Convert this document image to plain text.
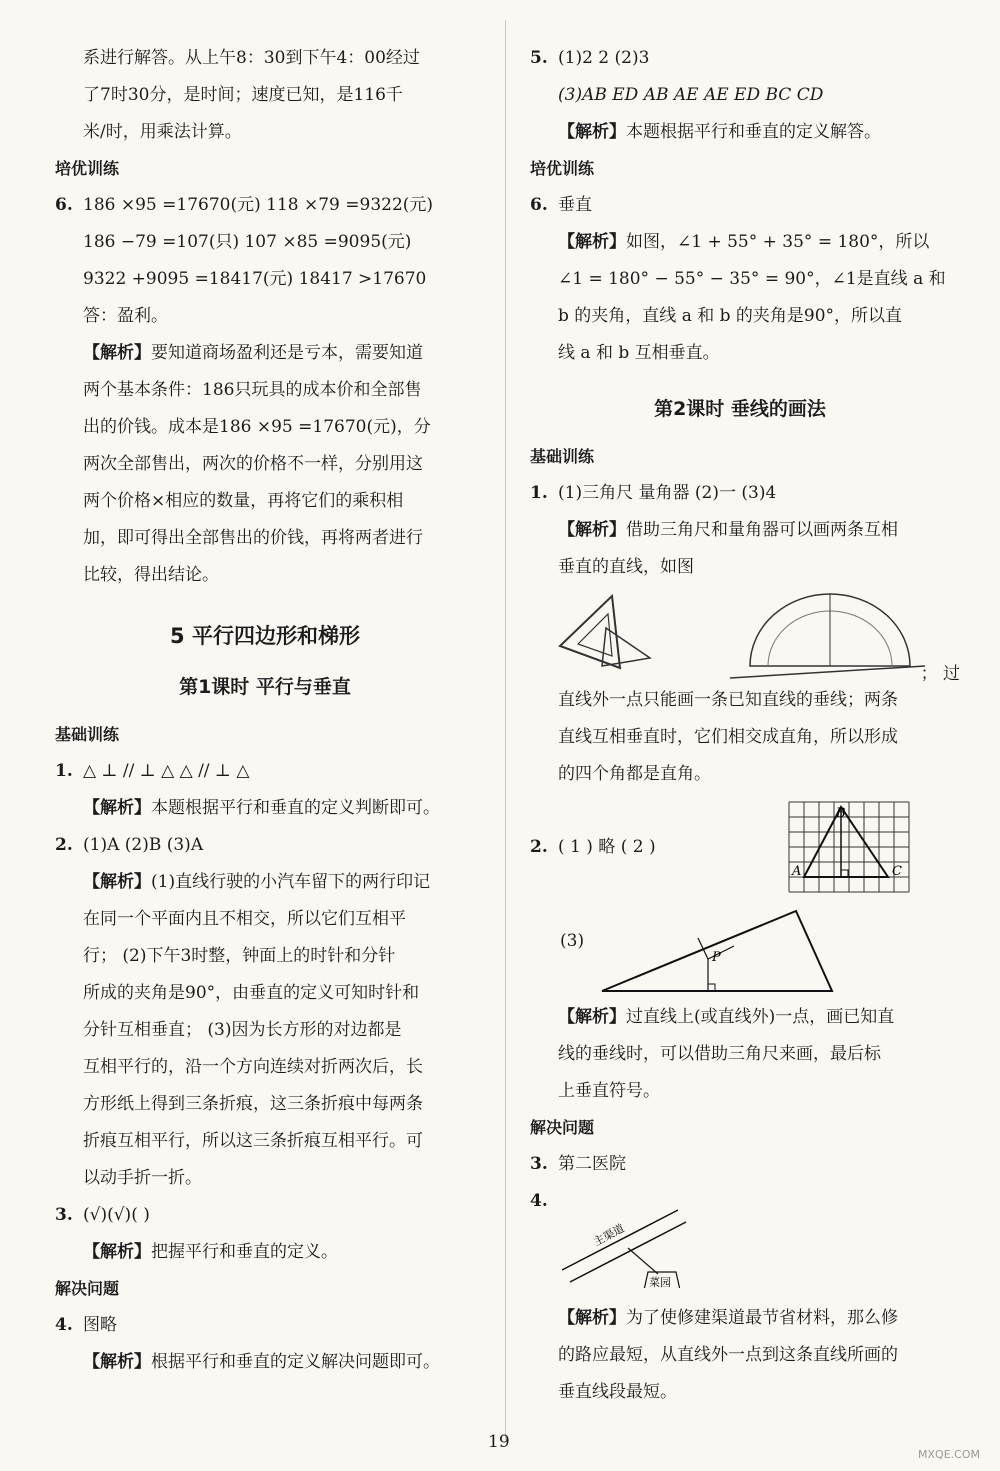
系进行解答。从上午8：30到下午4：00经过
了7时30分，是时间；速度已知，是116千
米/时，用乘法计算。
培优训练
6. 186 ×95 =17670(元) 118 ×79 =9322(元)
186 −79 =107(只) 107 ×85 =9095(元)
9322 +9095 =18417(元) 18417 >17670
答：盈利。
【解析】要知道商场盈利还是亏本，需要知道
两个基本条件：186只玩具的成本价和全部售
出的价钱。成本是186 ×95 =17670(元)，分
两次全部售出，两次的价格不一样，分别用这
两个价格×相应的数量，再将它们的乘积相
加，即可得出全部售出的价钱，再将两者进行
比较，得出结论。
5 平行四边形和梯形
第1课时 平行与垂直
基础训练
1. △ ⊥ // ⊥ △ △ // ⊥ △
【解析】本题根据平行和垂直的定义判断即可。
2. (1)A (2)B (3)A
【解析】(1)直线行驶的小汽车留下的两行印记
在同一个平面内且不相交，所以它们互相平
行； (2)下午3时整，钟面上的时针和分针
所成的夹角是90°，由垂直的定义可知时针和
分针互相垂直； (3)因为长方形的对边都是
互相平行的，沿一个方向连续对折两次后，长
方形纸上得到三条折痕，这三条折痕中每两条
折痕互相平行，所以这三条折痕互相平行。可
以动手折一折。
3. (√)(√)( )
【解析】把握平行和垂直的定义。
解决问题
4. 图略
【解析】根据平行和垂直的定义解决问题即可。
5. (1)2 2 (2)3
(3)AB ED AB AE AE ED BC CD
【解析】本题根据平行和垂直的定义解答。
培优训练
6. 垂直
【解析】如图，∠1 + 55° + 35° = 180°，所以
∠1 = 180° − 55° − 35° = 90°，∠1是直线 a 和
b 的夹角，直线 a 和 b 的夹角是90°，所以直
线 a 和 b 互相垂直。
第2课时 垂线的画法
基础训练
1. (1)三角尺 量角器 (2)一 (3)4
【解析】借助三角尺和量角器可以画两条互相
垂直的直线，如图
； 过
直线外一点只能画一条已知直线的垂线；两条
直线互相垂直时，它们相交成直角，所以形成
的四个角都是直角。
2. ( 1 ) 略 ( 2 )
A
B
C
(3)
P
【解析】过直线上(或直线外)一点，画已知直
线的垂线时，可以借助三角尺来画，最后标
上垂直符号。
解决问题
3. 第二医院
4.
主渠道
菜园
【解析】为了使修建渠道最节省材料，那么修
的路应最短，从直线外一点到这条直线所画的
垂直线段最短。
19
MXQE.COM
